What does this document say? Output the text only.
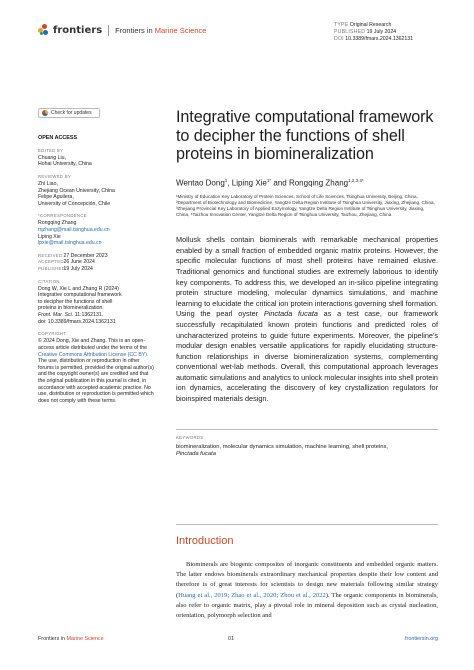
frontiers Frontiers in Marine Science
TYPE Original Research
PUBLISHED 19 July 2024
DOI 10.3389/fmars.2024.1362131
Check for updates
OPEN ACCESS
EDITED BY
Chuang Liu,
Hohai University, China
REVIEWED BY
Zhi Liao,
Zhejiang Ocean University, China
Felipe Aguilera,
University of Concepción, Chile
*CORRESPONDENCE
Rongqing Zhang
rqzhang@mail.tsinghua.edu.cn
Liping Xie
lpxie@mail.tsinghua.edu.cn
RECEIVED 27 December 2023
ACCEPTED 26 June 2024
PUBLISHED 19 July 2024
CITATION
Dong W, Xie L and Zhang R (2024)
Integrative computational framework
to decipher the functions of shell
proteins in biomineralization.
Front. Mar. Sci. 11:1362131.
doi: 10.3389/fmars.2024.1362131
COPYRIGHT
© 2024 Dong, Xie and Zhang. This is an open-access article distributed under the terms of the Creative Commons Attribution License (CC BY). The use, distribution or reproduction in other forums is permitted, provided the original author(s) and the copyright owner(s) are credited and that the original publication in this journal is cited, in accordance with accepted academic practice. No use, distribution or reproduction is permitted which does not comply with these terms.
Integrative computational framework to decipher the functions of shell proteins in biomineralization
Wentao Dong$^1$, Liping Xie$^{1*}$ and Rongqing Zhang$^{1,2,3,4*}$
¹Ministry of Education Key Laboratory of Protein Sciences, School of Life Sciences, Tsinghua University, Beijing, China, ²Department of Biotechnology and Biomedicine, Yangtze Delta Region Institute of Tsinghua University, Jiaxing, Zhejiang, China, ³Zhejiang Provincial Key Laboratory of Applied Enzymology, Yangtze Delta Region Institute of Tsinghua University, Jiaxing, China, ⁴Taizhou Innovation Center, Yangtze Delta Region of Tsinghua University, Taizhou, Zhejiang, China
Mollusk shells contain biominerals with remarkable mechanical properties enabled by a small fraction of embedded organic matrix proteins. However, the specific molecular functions of most shell proteins have remained elusive. Traditional genomics and functional studies are extremely laborious to identify key components. To address this, we developed an in-silico pipeline integrating protein structure modeling, molecular dynamics simulations, and machine learning to elucidate the critical ion protein interactions governing shell formation. Using the pearl oyster Pinctada fucata as a test case, our framework successfully recapitulated known protein functions and predicted roles of uncharacterized proteins to guide future experiments. Moreover, the pipeline's modular design enables versatile applications for rapidly elucidating structure-function relationships in diverse biomineralization systems, complementing conventional wet-lab methods. Overall, this computational approach leverages automatic simulations and analytics to unlock molecular insights into shell protein ion dynamics, accelerating the discovery of key crystallization regulators for bioinspired materials design.
KEYWORDS
biomineralization, molecular dynamics simulation, machine learning, shell proteins,
Pinctada fucata
Introduction

Biominerals are biogenic composites of inorganic constituents and embedded organic matters. The latter endows biominerals extraordinary mechanical properties despite their low content and therefore is of great interests for scientists to design new materials following similar strategy (Huang et al., 2019; Zhao et al., 2020; Zhou et al., 2022). The organic components in biominerals, also refer to organic matrix, play a pivotal role in mineral deposition such as crystal nucleation, orientation, polymorph selection and

Frontiers in Marine Science	01	frontiersin.org
